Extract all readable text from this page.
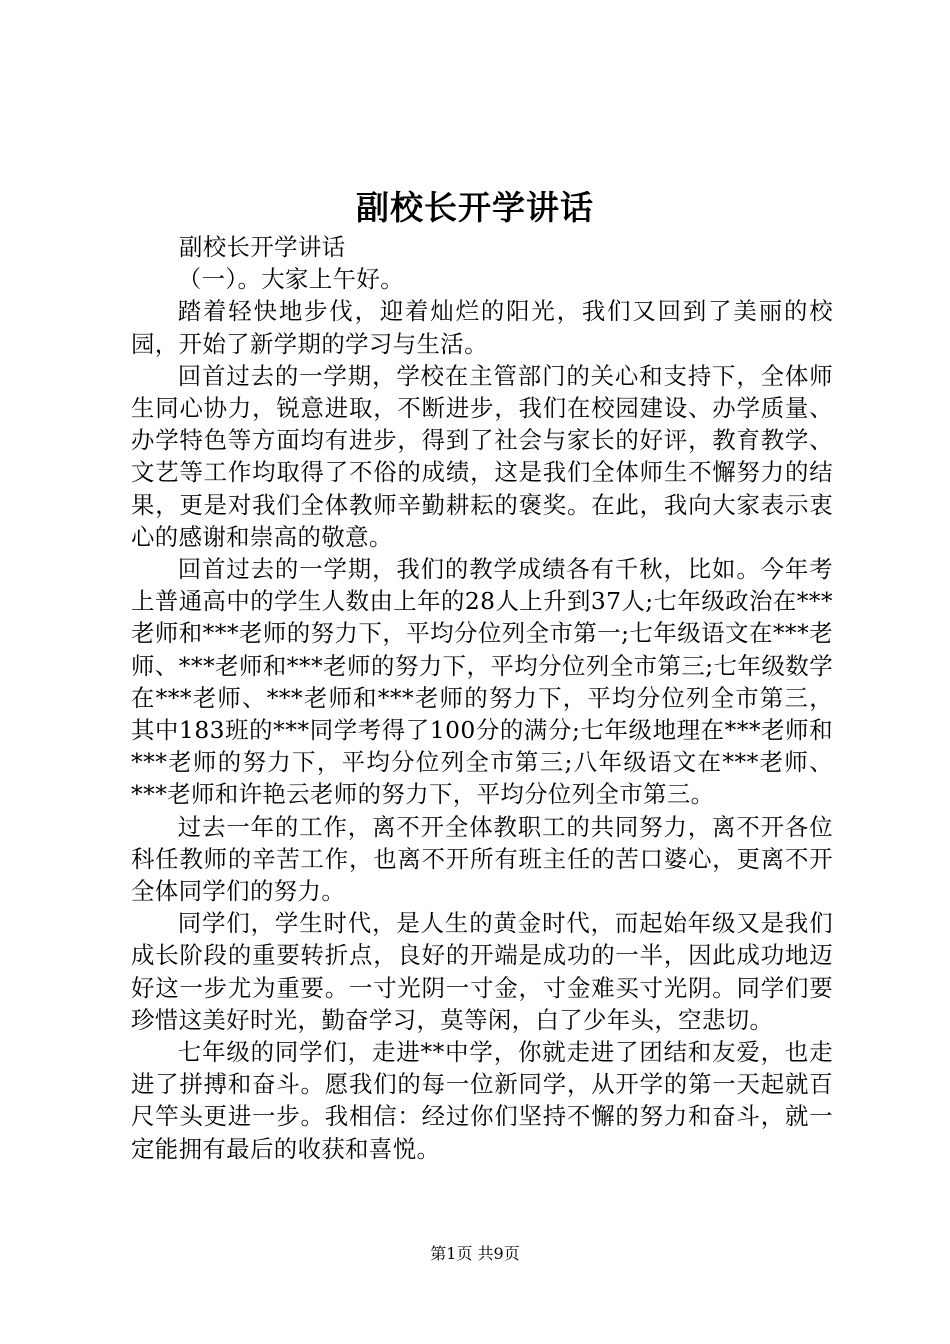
副校长开学讲话

副校长开学讲话

（一）。大家上午好。

踏着轻快地步伐，迎着灿烂的阳光，我们又回到了美丽的校园，开始了新学期的学习与生活。

回首过去的一学期，学校在主管部门的关心和支持下，全体师生同心协力，锐意进取，不断进步，我们在校园建设、办学质量、办学特色等方面均有进步，得到了社会与家长的好评，教育教学、文艺等工作均取得了不俗的成绩，这是我们全体师生不懈努力的结果，更是对我们全体教师辛勤耕耘的褒奖。在此，我向大家表示衷心的感谢和崇高的敬意。

回首过去的一学期，我们的教学成绩各有千秋，比如。今年考上普通高中的学生人数由上年的28人上升到37人;七年级政治在***老师和***老师的努力下，平均分位列全市第一;七年级语文在***老师、***老师和***老师的努力下，平均分位列全市第三;七年级数学在***老师、***老师和***老师的努力下，平均分位列全市第三，其中183班的***同学考得了100分的满分;七年级地理在***老师和***老师的努力下，平均分位列全市第三;八年级语文在***老师、***老师和许艳云老师的努力下，平均分位列全市第三。

过去一年的工作，离不开全体教职工的共同努力，离不开各位科任教师的辛苦工作，也离不开所有班主任的苦口婆心，更离不开全体同学们的努力。

同学们，学生时代，是人生的黄金时代，而起始年级又是我们成长阶段的重要转折点，良好的开端是成功的一半，因此成功地迈好这一步尤为重要。一寸光阴一寸金，寸金难买寸光阴。同学们要珍惜这美好时光，勤奋学习，莫等闲，白了少年头，空悲切。

七年级的同学们，走进**中学，你就走进了团结和友爱，也走进了拼搏和奋斗。愿我们的每一位新同学，从开学的第一天起就百尺竿头更进一步。我相信：经过你们坚持不懈的努力和奋斗，就一定能拥有最后的收获和喜悦。

第1页 共9页
